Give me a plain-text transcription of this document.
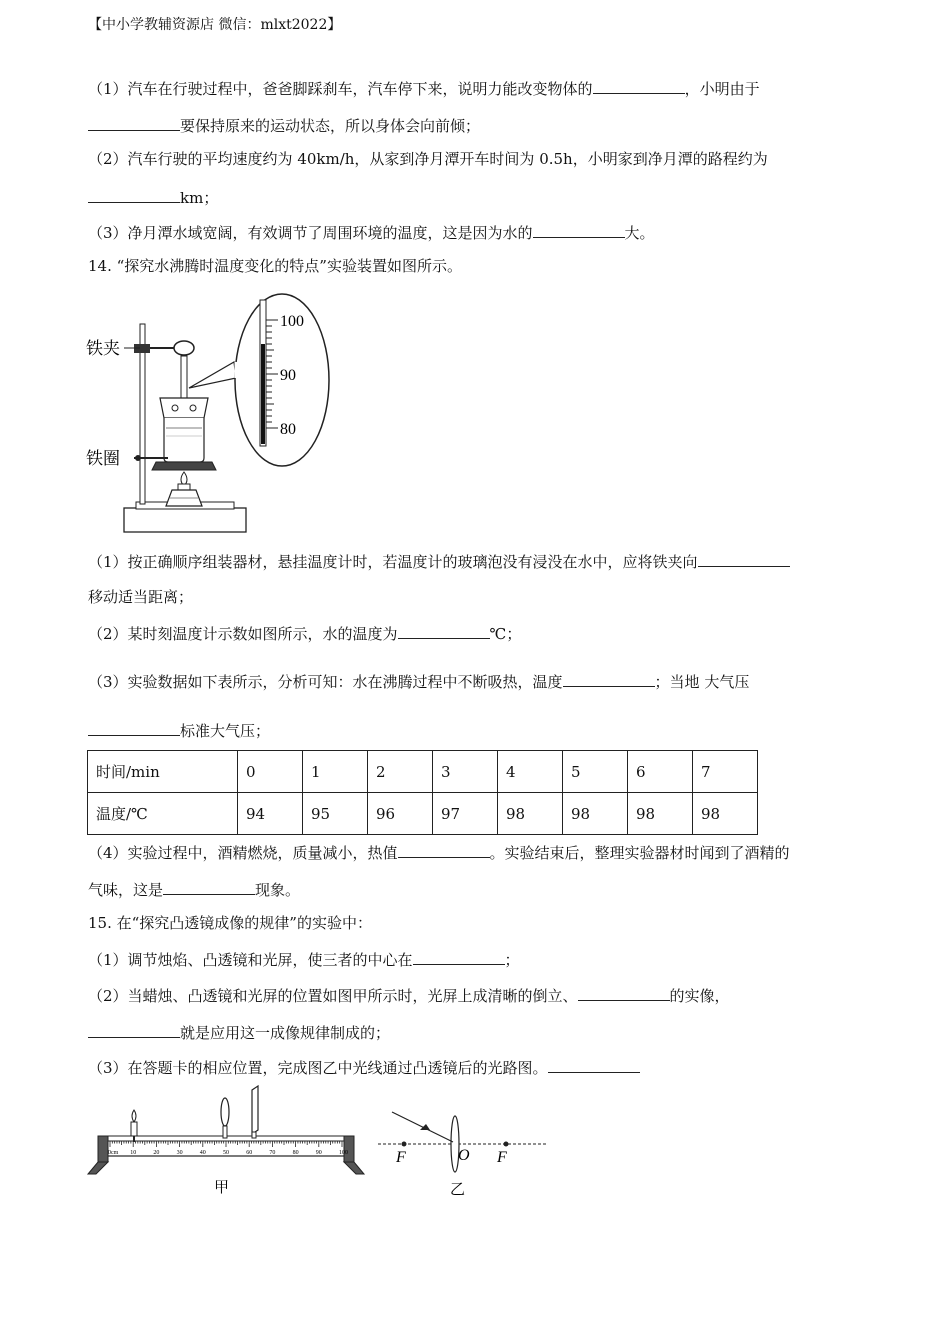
【中小学教辅资源店 微信：mlxt2022】
（1）汽车在行驶过程中，爸爸脚踩刹车，汽车停下来，说明力能改变物体的	，小明由于
要保持原来的运动状态，所以身体会向前倾；
（2）汽车行驶的平均速度约为 40km/h，从家到净月潭开车时间为 0.5h，小明家到净月潭的路程约为
km；
（3）净月潭水域宽阔，有效调节了周围环境的温度，这是因为水的	大。
14. “探究水沸腾时温度变化的特点”实验装置如图所示。
100
90
80
铁夹
铁圈
（1）按正确顺序组装器材，悬挂温度计时，若温度计的玻璃泡没有浸没在水中，应将铁夹向
移动适当距离；
（2）某时刻温度计示数如图所示，水的温度为	℃；
（3）实验数据如下表所示，分析可知：水在沸腾过程中不断吸热，温度	；当地 大气压
标准大气压；
时间/min	0	1	2	3	4	5	6	7
温度/℃	94	95	96	97	98	98	98	98
（4）实验过程中，酒精燃烧，质量减小，热值	。实验结束后，整理实验器材时闻到了酒精的
气味，这是	现象。
15. 在“探究凸透镜成像的规律”的实验中：
（1）调节烛焰、凸透镜和光屏，使三者的中心在	；
（2）当蜡烛、凸透镜和光屏的位置如图甲所示时，光屏上成清晰的倒立、	的实像，
就是应用这一成像规律制成的；
（3）在答题卡的相应位置，完成图乙中光线通过凸透镜后的光路图。
0cm 10	20	30	40	50	60	70	80	90	100
甲
F	O F
乙
